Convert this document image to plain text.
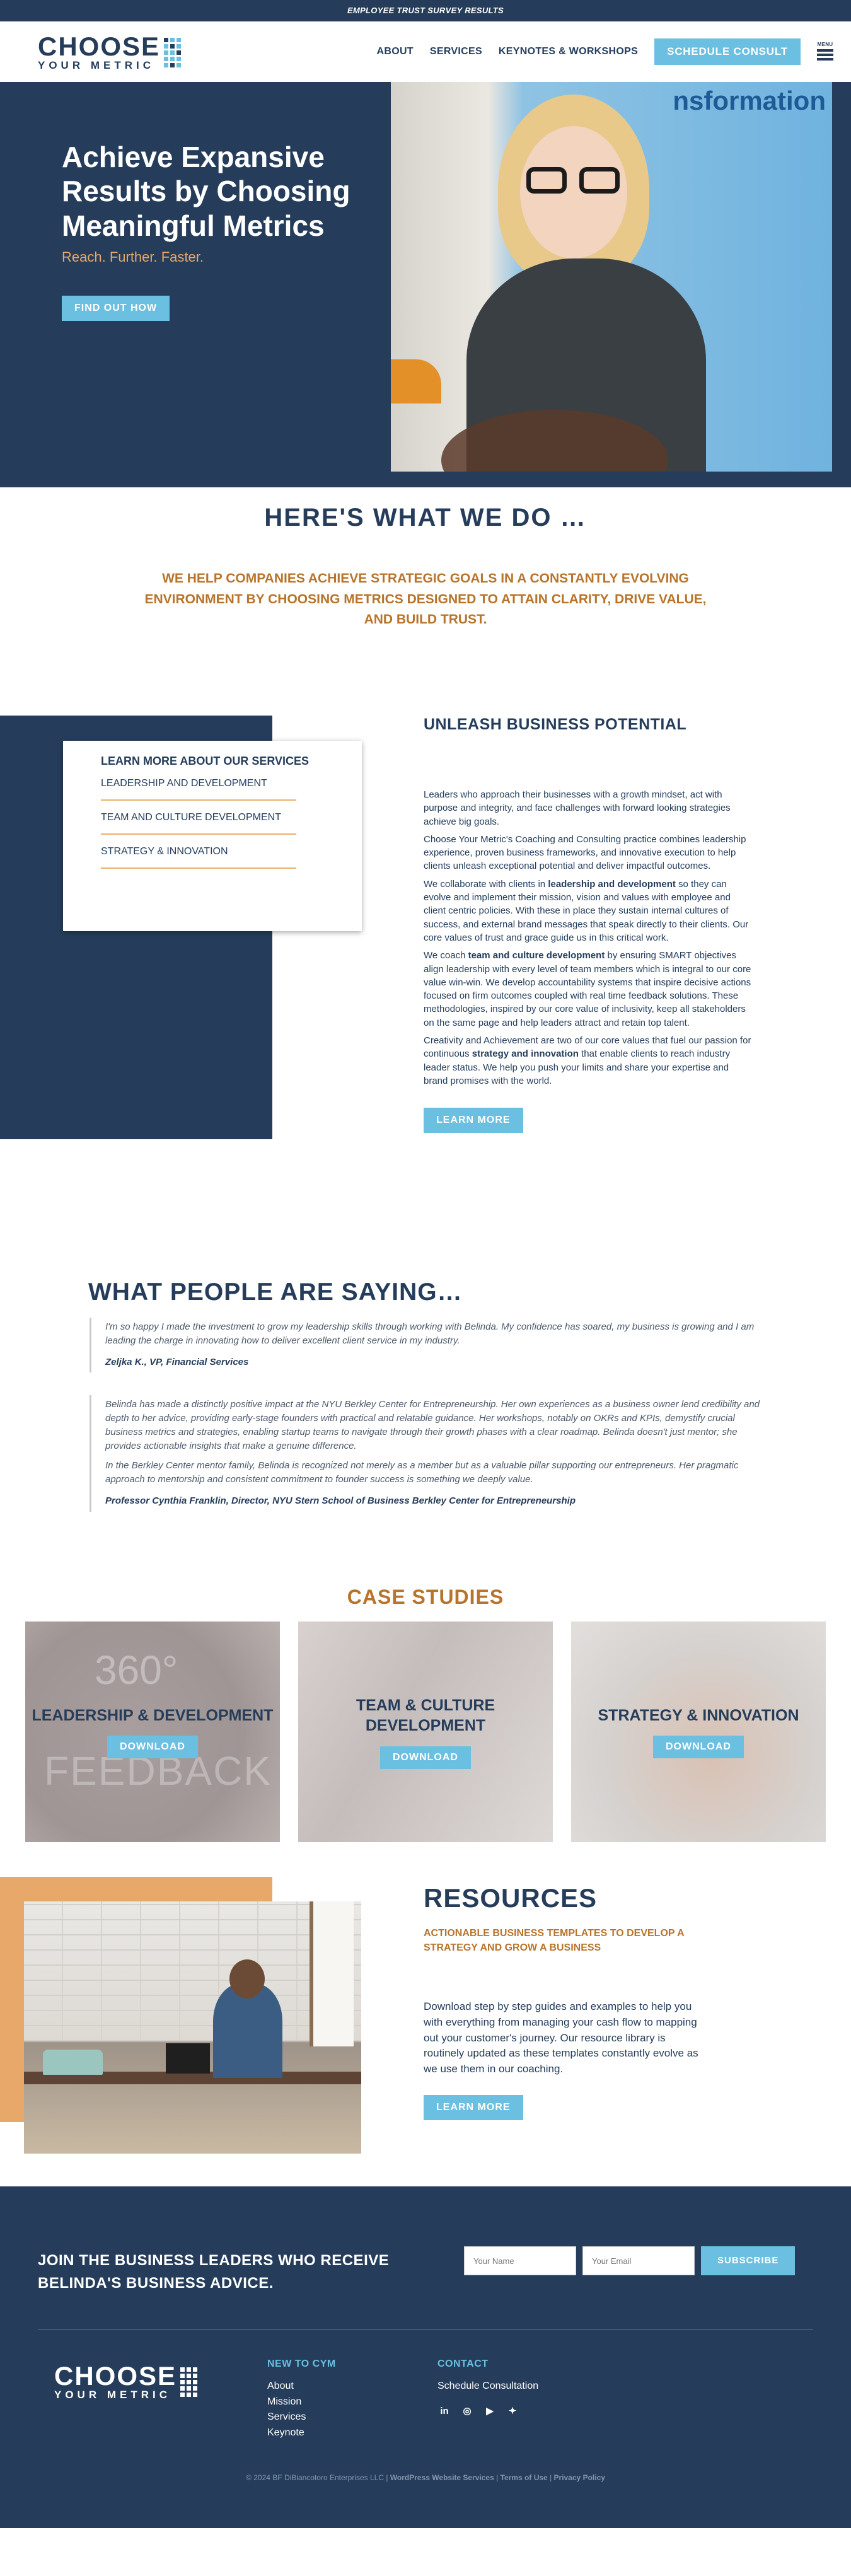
EMPLOYEE TRUST SURVEY RESULTS
CHOOSE
YOUR METRIC
ABOUT SERVICES KEYNOTES & WORKSHOPS	SCHEDULE CONSULT
MENU
Achieve Expansive Results by Choosing Meaningful Metrics
Reach. Further. Faster.
FIND OUT HOW
nsformation
HERE'S WHAT WE DO …

WE HELP COMPANIES ACHIEVE STRATEGIC GOALS IN A CONSTANTLY EVOLVING ENVIRONMENT BY CHOOSING METRICS DESIGNED TO ATTAIN CLARITY, DRIVE VALUE, AND BUILD TRUST.

LEARN MORE ABOUT OUR SERVICES
LEADERSHIP AND DEVELOPMENT
TEAM AND CULTURE DEVELOPMENT
STRATEGY & INNOVATION
UNLEASH BUSINESS POTENTIAL

Leaders who approach their businesses with a growth mindset, act with purpose and integrity, and face challenges with forward looking strategies achieve big goals.

Choose Your Metric's Coaching and Consulting practice combines leadership experience, proven business frameworks, and innovative execution to help clients unleash exceptional potential and deliver impactful outcomes.

We collaborate with clients in leadership and development so they can evolve and implement their mission, vision and values with employee and client centric policies. With these in place they sustain internal cultures of success, and external brand messages that speak directly to their clients. Our core values of trust and grace guide us in this critical work.

We coach team and culture development by ensuring SMART objectives align leadership with every level of team members which is integral to our core value win-win. We develop accountability systems that inspire decisive actions focused on firm outcomes coupled with real time feedback solutions. These methodologies, inspired by our core value of inclusivity, keep all stakeholders on the same page and help leaders attract and retain top talent.

Creativity and Achievement are two of our core values that fuel our passion for continuous strategy and innovation that enable clients to reach industry leader status. We help you push your limits and share your expertise and brand promises with the world.

LEARN MORE
WHAT PEOPLE ARE SAYING…

I'm so happy I made the investment to grow my leadership skills through working with Belinda. My confidence has soared, my business is growing and I am leading the charge in innovating how to deliver excellent client service in my industry.

Zeljka K., VP, Financial Services

Belinda has made a distinctly positive impact at the NYU Berkley Center for Entrepreneurship. Her own experiences as a business owner lend credibility and depth to her advice, providing early-stage founders with practical and relatable guidance. Her workshops, notably on OKRs and KPIs, demystify crucial business metrics and strategies, enabling startup teams to navigate through their growth phases with a clear roadmap. Belinda doesn't just mentor; she provides actionable insights that make a genuine difference.

In the Berkley Center mentor family, Belinda is recognized not merely as a member but as a valuable pillar supporting our entrepreneurs. Her pragmatic approach to mentorship and consistent commitment to founder success is something we deeply value.

Professor Cynthia Franklin, Director, NYU Stern School of Business Berkley Center for Entrepreneurship
CASE STUDIES
360° FEEDBACK
LEADERSHIP & DEVELOPMENT
DOWNLOAD
TEAM & CULTURE DEVELOPMENT
DOWNLOAD
STRATEGY & INNOVATION
DOWNLOAD
RESOURCES
ACTIONABLE BUSINESS TEMPLATES TO DEVELOP A STRATEGY AND GROW A BUSINESS

Download step by step guides and examples to help you with everything from managing your cash flow to mapping out your customer's journey. Our resource library is routinely updated as these templates constantly evolve as we use them in our coaching.

LEARN MORE
JOIN THE BUSINESS LEADERS WHO RECEIVE BELINDA'S BUSINESS ADVICE.
Your Name
Your Email
SUBSCRIBE
CHOOSE
YOUR METRIC
NEW TO CYM
About
Mission
Services
Keynote
CONTACT
Schedule Consultation
in ◎	▶	✦
© 2024 BF DiBiancotoro Enterprises LLC | WordPress Website Services | Terms of Use | Privacy Policy
